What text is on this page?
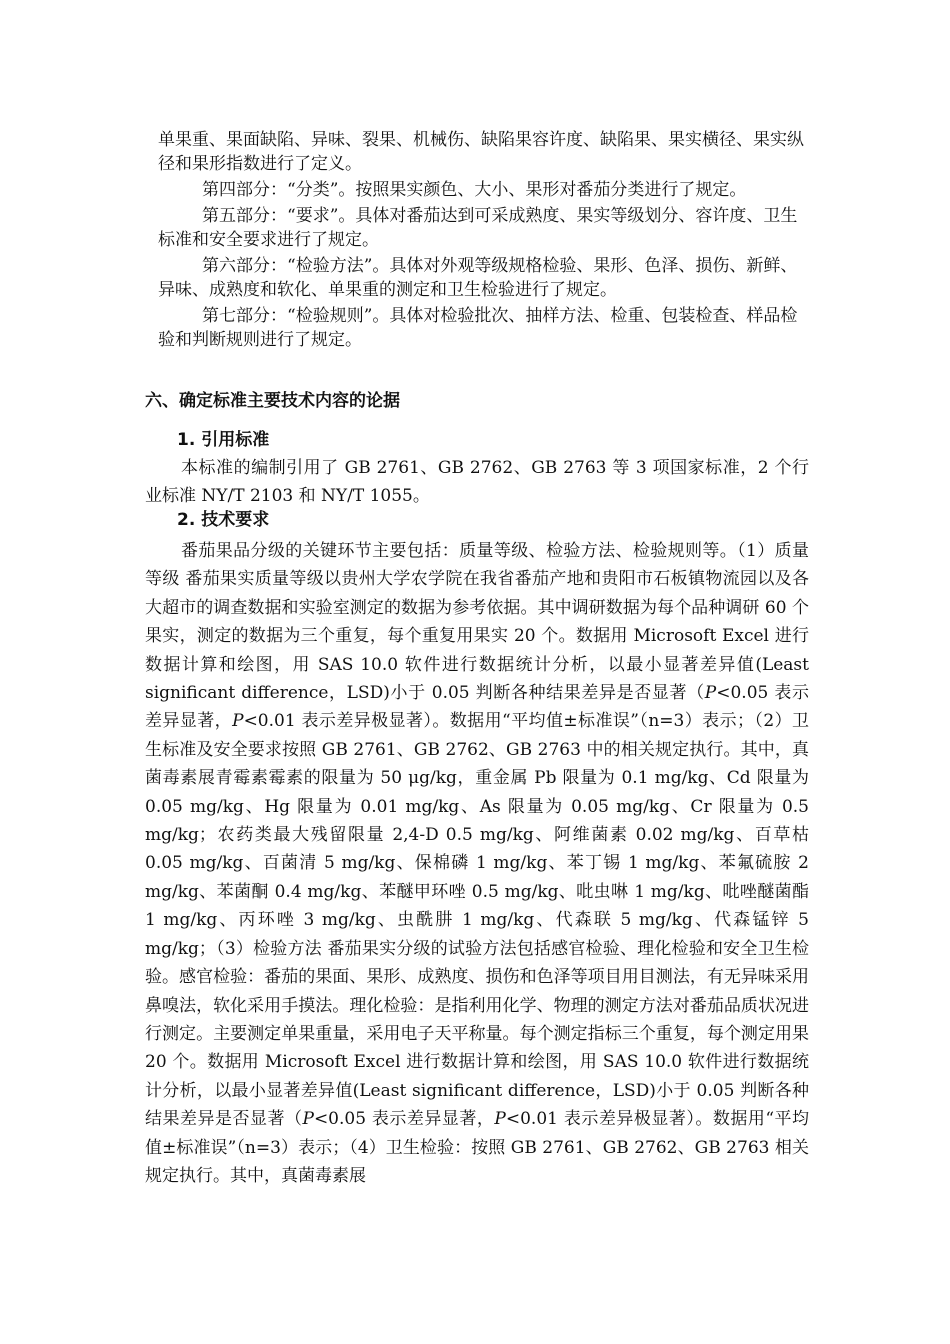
单果重、果面缺陷、异味、裂果、机械伤、缺陷果容许度、缺陷果、果实横径、果实纵径和果形指数进行了定义。

第四部分：“分类”。按照果实颜色、大小、果形对番茄分类进行了规定。

第五部分：“要求”。具体对番茄达到可采成熟度、果实等级划分、容许度、卫生标准和安全要求进行了规定。

第六部分：“检验方法”。具体对外观等级规格检验、果形、色泽、损伤、新鲜、异味、成熟度和软化、单果重的测定和卫生检验进行了规定。

第七部分：“检验规则”。具体对检验批次、抽样方法、检重、包装检查、样品检验和判断规则进行了规定。

六、确定标准主要技术内容的论据
1. 引用标准

本标准的编制引用了 GB 2761、GB 2762、GB 2763 等 3 项国家标准，2 个行业标准 NY/T 2103 和 NY/T 1055。

2. 技术要求

番茄果品分级的关键环节主要包括：质量等级、检验方法、检验规则等。（1）质量等级 番茄果实质量等级以贵州大学农学院在我省番茄产地和贵阳市石板镇物流园以及各大超市的调查数据和实验室测定的数据为参考依据。其中调研数据为每个品种调研 60 个果实，测定的数据为三个重复，每个重复用果实 20 个。数据用 Microsoft Excel 进行数据计算和绘图，用 SAS 10.0 软件进行数据统计分析，以最小显著差异值(Least significant difference，LSD)小于 0.05 判断各种结果差异是否显著（P<0.05 表示差异显著，P<0.01 表示差异极显著）。数据用“平均值±标准误”（n=3）表示；（2）卫生标准及安全要求按照 GB 2761、GB 2762、GB 2763 中的相关规定执行。其中，真菌毒素展青霉素霉素的限量为 50 μg/kg，重金属 Pb 限量为 0.1 mg/kg、Cd 限量为 0.05 mg/kg、Hg 限量为 0.01 mg/kg、As 限量为 0.05 mg/kg、Cr 限量为 0.5 mg/kg；农药类最大残留限量 2,4-D 0.5 mg/kg、阿维菌素 0.02 mg/kg、百草枯 0.05 mg/kg、百菌清 5 mg/kg、保棉磷 1 mg/kg、苯丁锡 1 mg/kg、苯氟硫胺 2 mg/kg、苯菌酮 0.4 mg/kg、苯醚甲环唑 0.5 mg/kg、吡虫啉 1 mg/kg、吡唑醚菌酯 1 mg/kg、丙环唑 3 mg/kg、虫酰肼 1 mg/kg、代森联 5 mg/kg、代森锰锌 5 mg/kg；（3）检验方法 番茄果实分级的试验方法包括感官检验、理化检验和安全卫生检验。感官检验：番茄的果面、果形、成熟度、损伤和色泽等项目用目测法，有无异味采用鼻嗅法，软化采用手摸法。理化检验：是指利用化学、物理的测定方法对番茄品质状况进行测定。主要测定单果重量，采用电子天平称量。每个测定指标三个重复，每个测定用果 20 个。数据用 Microsoft Excel 进行数据计算和绘图，用 SAS 10.0 软件进行数据统计分析，以最小显著差异值(Least significant difference，LSD)小于 0.05 判断各种结果差异是否显著（P<0.05 表示差异显著，P<0.01 表示差异极显著）。数据用“平均值±标准误”（n=3）表示；（4）卫生检验：按照 GB 2761、GB 2762、GB 2763 相关规定执行。其中，真菌毒素展
